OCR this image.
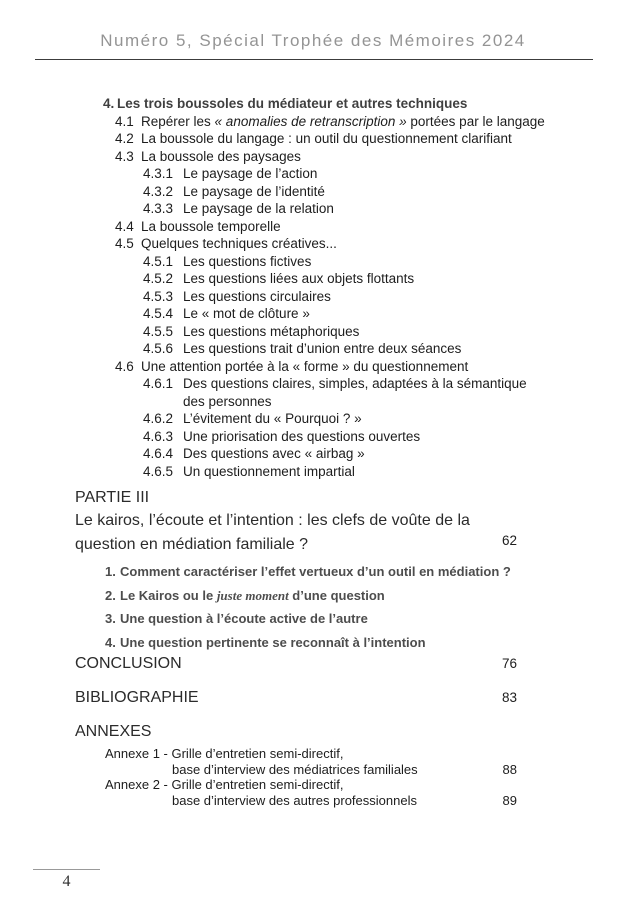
Numéro 5, Spécial Trophée des Mémoires 2024
4. Les trois boussoles du médiateur et autres techniques
4.1 Repérer les « anomalies de retranscription » portées par le langage
4.2 La boussole du langage : un outil du questionnement clarifiant
4.3 La boussole des paysages
4.3.1 Le paysage de l’action
4.3.2 Le paysage de l’identité
4.3.3 Le paysage de la relation
4.4 La boussole temporelle
4.5 Quelques techniques créatives...
4.5.1 Les questions fictives
4.5.2 Les questions liées aux objets flottants
4.5.3 Les questions circulaires
4.5.4 Le « mot de clôture »
4.5.5 Les questions métaphoriques
4.5.6 Les questions trait d’union entre deux séances
4.6 Une attention portée à la « forme » du questionnement
4.6.1 Des questions claires, simples, adaptées à la sémantique des personnes
4.6.2 L’évitement du « Pourquoi ? »
4.6.3 Une priorisation des questions ouvertes
4.6.4 Des questions avec « airbag »
4.6.5 Un questionnement impartial
PARTIE III
Le kairos, l’écoute et l’intention : les clefs de voûte de la
question en médiation familiale ?	62
1. Comment caractériser l’effet vertueux d’un outil en médiation ?
2. Le Kairos ou le juste moment d’une question
3. Une question à l’écoute active de l’autre
4. Une question pertinente se reconnaît à l’intention
CONCLUSION	76
BIBLIOGRAPHIE	83
ANNEXES
Annexe 1 - Grille d’entretien semi-directif,
base d’interview des médiatrices familiales	88
Annexe 2 - Grille d’entretien semi-directif,
base d’interview des autres professionnels	89
4
